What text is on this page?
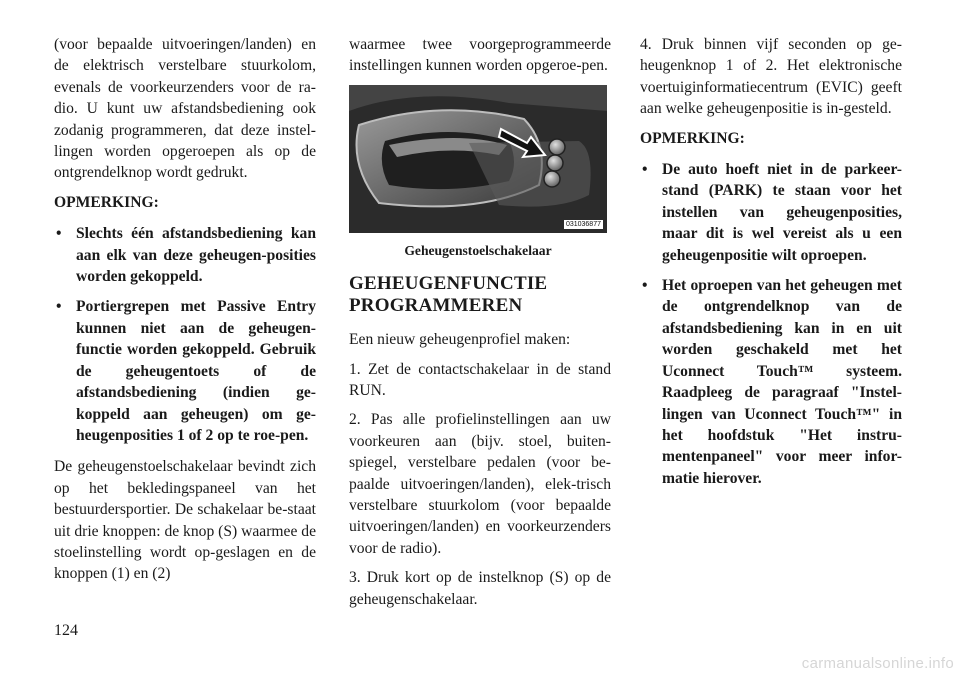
(voor bepaalde uitvoeringen/landen) en de elektrisch verstelbare stuurkolom, evenals de voorkeurzenders voor de ra-dio. U kunt uw afstandsbediening ook zodanig programmeren, dat deze instel-lingen worden opgeroepen als op de ontgrendelknop wordt gedrukt.

OPMERKING:
• Slechts één afstandsbediening kan aan elk van deze geheugen-posities worden gekoppeld.
• Portiergrepen met Passive Entry kunnen niet aan de geheugen-functie worden gekoppeld. Gebruik de geheugentoets of de afstandsbediening (indien ge-koppeld aan geheugen) om ge-heugenposities 1 of 2 op te roe-pen.

De geheugenstoelschakelaar bevindt zich op het bekledingspaneel van het bestuurdersportier. De schakelaar be-staat uit drie knoppen: de knop (S) waarmee de stoelinstelling wordt op-geslagen en de knoppen (1) en (2)

waarmee twee voorgeprogrammeerde instellingen kunnen worden opgeroe-pen.

031036877
Geheugenstoelschakelaar
GEHEUGENFUNCTIE PROGRAMMEREN

Een nieuw geheugenprofiel maken:

1. Zet de contactschakelaar in de stand RUN.

2. Pas alle profielinstellingen aan uw voorkeuren aan (bijv. stoel, buiten-spiegel, verstelbare pedalen (voor be-paalde uitvoeringen/landen), elek-trisch verstelbare stuurkolom (voor bepaalde uitvoeringen/landen) en voorkeurzenders voor de radio).

3. Druk kort op de instelknop (S) op de geheugenschakelaar.

4. Druk binnen vijf seconden op ge-heugenknop 1 of 2. Het elektronische voertuiginformatiecentrum (EVIC) geeft aan welke geheugenpositie is in-gesteld.

OPMERKING:
• De auto hoeft niet in de parkeer-stand (PARK) te staan voor het instellen van geheugenposities, maar dit is wel vereist als u een geheugenpositie wilt oproepen.
• Het oproepen van het geheugen met de ontgrendelknop van de afstandsbediening kan in en uit worden geschakeld met het Uconnect Touch™ systeem. Raadpleeg de paragraaf "Instel-lingen van Uconnect Touch™" in het hoofdstuk "Het instru-mentenpaneel" voor meer infor-matie hierover.
124
carmanualsonline.info
